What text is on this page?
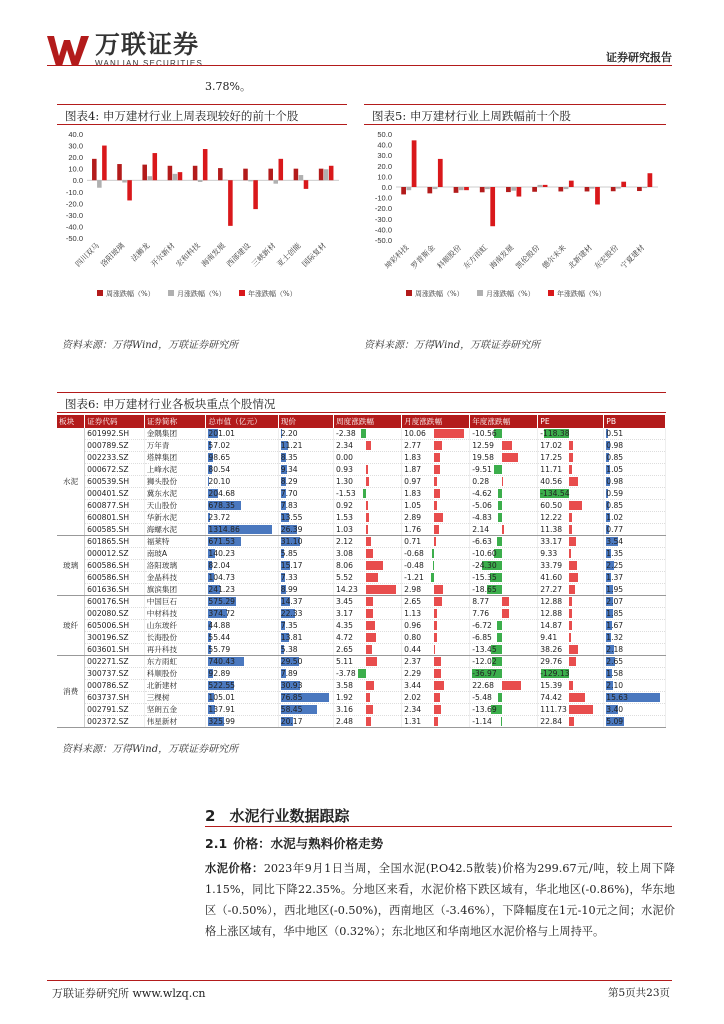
万联证券
WANLIAN SECURITIES	证券研究报告
3.78%。
图表4: 申万建材行业上周表现较好的前十个股
40.0
30.0
20.0
10.0
0.0
-10.0
-20.0
-30.0
-40.0
-50.0
四川双马
洛阳玻璃 法狮龙
开尔新材
宏和科技
海南发展
西部建设
三峡新材
亚士创能
国际复材
周涨跌幅（%）	月涨跌幅（%）	年涨跌幅（%）
资料来源：万得Wind，万联证券研究所
图表5: 申万建材行业上周跌幅前十个股
50.0
40.0
30.0
20.0
10.0
0.0
-10.0
-20.0
-30.0
-40.0
-50.0
坤彩科技
罗普斯金
科顺股份
东方雨虹
海南发展
凯伦股份
德尔未来
北新建材
东宏股份
宁夏建材
周涨跌幅（%）	月涨跌幅（%）	年涨跌幅（%）
资料来源：万得Wind，万联证券研究所
图表6: 申万建材行业各板块重点个股情况
板块	证券代码	证券简称	总市值（亿元）	现价	周度涨跌幅	月度涨跌幅	年度涨跌幅	PE	PB
水泥	601992.SH	金隅集团	201.01	2.20	-2.38	10.06	-10.56	-118.38	0.51

	000789.SZ	万年青	57.02	11.21	2.34	2.77	12.59	17.02	0.98

	002233.SZ	塔牌集团	98.65	8.35	0.00	1.83	19.58	17.25	0.85

	000672.SZ	上峰水泥	80.54	9.34	0.93	1.87	-9.51	11.71	1.05

	600539.SH	狮头股份	20.10	8.29	1.30	0.97	0.28	40.56	0.98

	000401.SZ	冀东水泥	204.68	7.70	-1.53	1.83	-4.62	-134.54	0.59

	600877.SH	天山股份	678.35	7.83	0.92	1.05	-5.06	60.50	0.85

	600801.SH	华新水泥	23.72	13.55	1.53	2.89	-4.83	12.22	1.02

	600585.SH	海螺水泥	1314.86	26.39	1.03	1.76	2.14	11.38	0.77

玻璃	601865.SH	福莱特	671.53	31.10	2.12	0.71	-6.63	33.17	3.54

	000012.SZ	南玻A	140.23	5.85	3.08	-0.68	-10.60	9.33	1.35

	600586.SH	洛阳玻璃	82.04	15.17	8.06	-0.48	-24.30	33.79	2.25

	600586.SH	金晶科技	104.73	7.33	5.52	-1.21	-15.35	41.60	1.37

	601636.SH	旗滨集团	241.23	8.99	14.23	2.98	-18.65	27.27	1.95

玻纤	600176.SH	中国巨石	575.29	14.37	3.45	2.65	8.77	12.88	2.07

	002080.SZ	中材科技	374.72	22.33	3.17	1.13	7.76	12.88	1.85

	605006.SH	山东玻纤	44.88	7.35	4.35	0.96	-6.72	14.87	1.67

	300196.SZ	长海股份	55.44	13.81	4.72	0.80	-6.85	9.41	1.32

	603601.SH	再升科技	55.79	5.38	2.65	0.44	-13.45	38.26	2.18

消费	002271.SZ	东方雨虹	740.43	29.50	5.11	2.37	-12.02	29.76	2.65

	300737.SZ	科顺股份	92.89	7.89	-3.78	2.29	-36.97	-129.13	1.58

	000786.SZ	北新建材	522.55	30.93	3.58	3.44	22.68	15.39	2.10

	603737.SH	三棵树	105.01	76.85	1.92	2.02	-5.48	74.42	15.63

	002791.SZ	坚朗五金	137.91	58.45	3.16	2.34	-13.69	111.73	3.40

	002372.SZ	伟星新材	325.99	20.17	2.48	1.31	-1.14	22.84	5.09
资料来源：万得Wind，万联证券研究所
2 水泥行业数据跟踪
2.1 价格：水泥与熟料价格走势
水泥价格：2023年9月1日当周，全国水泥(P.O42.5散装)价格为299.67元/吨，较上周下降1.15%，同比下降22.35%。分地区来看，水泥价格下跌区域有，华北地区(-0.86%)，华东地区（-0.50%），西北地区(-0.50%)，西南地区（-3.46%），下降幅度在1元-10元之间；水泥价格上涨区域有，华中地区（0.32%）；东北地区和华南地区水泥价格与上周持平。
万联证券研究所 www.wlzq.cn	第5页共23页
